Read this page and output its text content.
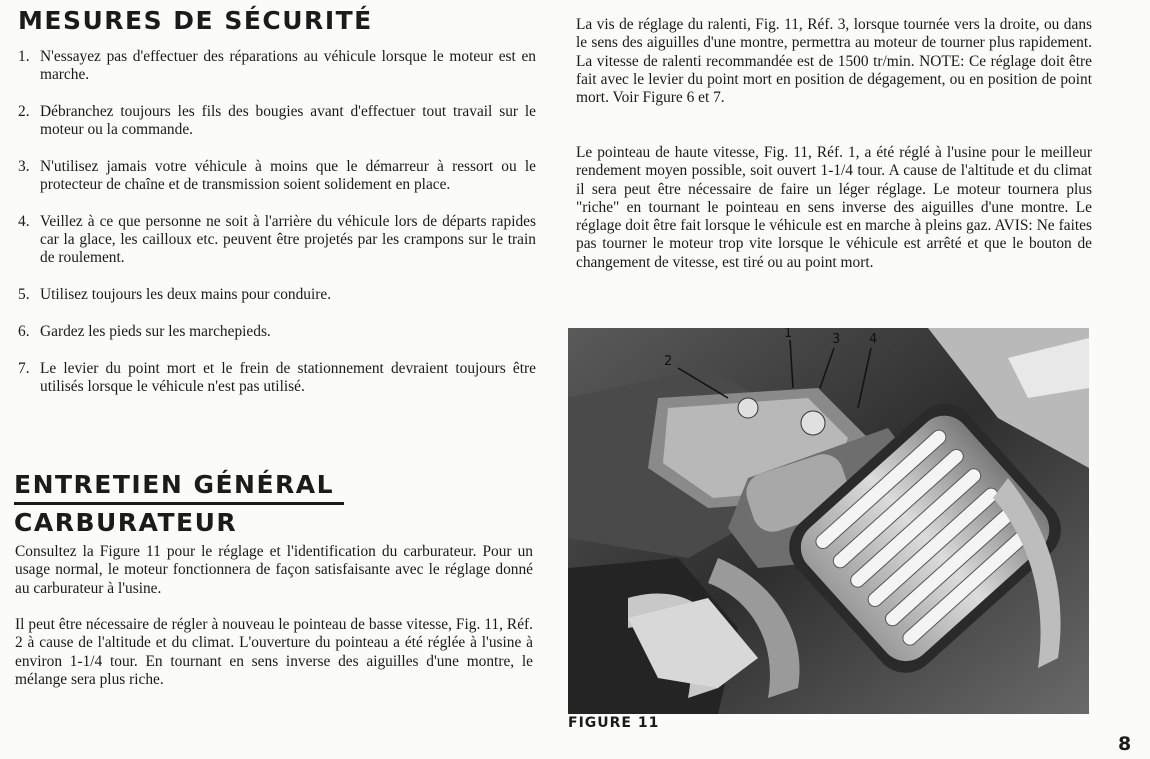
MESURES DE SÉCURITÉ
1. N'essayez pas d'effectuer des réparations au véhicule lorsque le moteur est en marche.
2. Débranchez toujours les fils des bougies avant d'effectuer tout travail sur le moteur ou la commande.
3. N'utilisez jamais votre véhicule à moins que le démarreur à ressort ou le protecteur de chaîne et de transmission soient solidement en place.
4. Veillez à ce que personne ne soit à l'arrière du véhicule lors de départs rapides car la glace, les cailloux etc. peuvent être projetés par les crampons sur le train de roulement.
5. Utilisez toujours les deux mains pour conduire.
6. Gardez les pieds sur les marchepieds.
7. Le levier du point mort et le frein de stationnement devraient toujours être utilisés lorsque le véhicule n'est pas utilisé.
ENTRETIEN GÉNÉRAL
CARBURATEUR

Consultez la Figure 11 pour le réglage et l'identification du carburateur. Pour un usage normal, le moteur fonctionnera de façon satisfaisante avec le réglage donné au carburateur à l'usine.

Il peut être nécessaire de régler à nouveau le pointeau de basse vitesse, Fig. 11, Réf. 2 à cause de l'altitude et du climat. L'ouverture du pointeau a été réglée à l'usine à environ 1-1/4 tour. En tournant en sens inverse des aiguilles d'une montre, le mélange sera plus riche.

La vis de réglage du ralenti, Fig. 11, Réf. 3, lorsque tournée vers la droite, ou dans le sens des aiguilles d'une montre, permettra au moteur de tourner plus rapidement. La vitesse de ralenti recommandée est de 1500 tr/min. NOTE: Ce réglage doit être fait avec le levier du point mort en position de dégagement, ou en position de point mort. Voir Figure 6 et 7.

Le pointeau de haute vitesse, Fig. 11, Réf. 1, a été réglé à l'usine pour le meilleur rendement moyen possible, soit ouvert 1-1/4 tour. A cause de l'altitude et du climat il sera peut être nécessaire de faire un léger réglage. Le moteur tournera plus "riche" en tournant le pointeau en sens inverse des aiguilles d'une montre. Le réglage doit être fait lorsque le véhicule est en marche à pleins gaz. AVIS: Ne faites pas tourner le moteur trop vite lorsque le véhicule est arrêté et que le bouton de changement de vitesse, est tiré ou au point mort.

1
2
3 4

FIGURE 11

8
